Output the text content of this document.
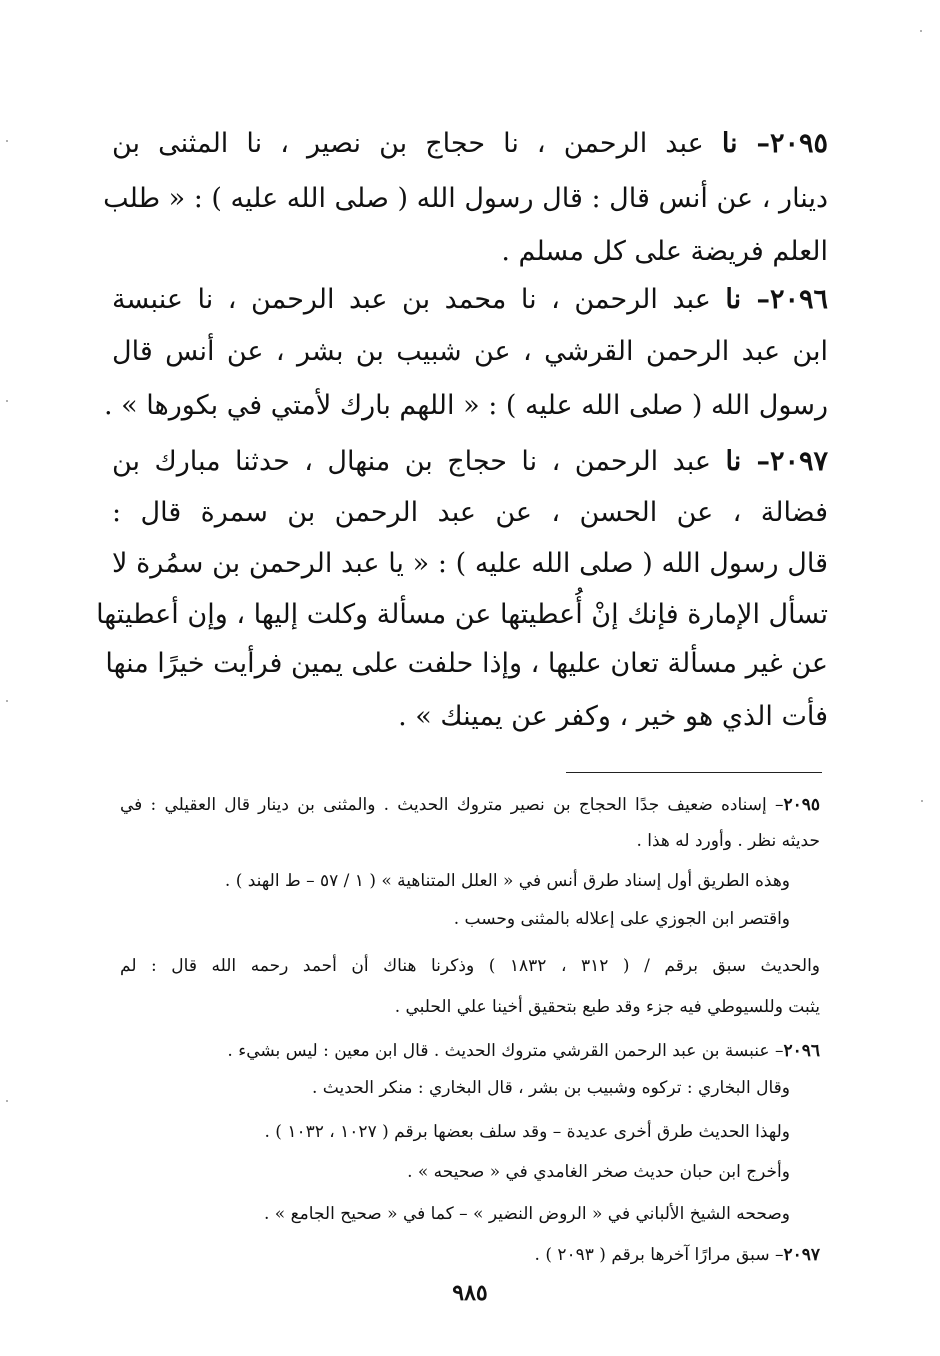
٢٠٩٥– نا عبد الرحمن ، نا حجاج بن نصير ، نا المثنى بن
دينار ، عن أنس قال : قال رسول الله ( صلى الله عليه ) : « طلب
العلم فريضة على كل مسلم .
٢٠٩٦– نا عبد الرحمن ، نا محمد بن عبد الرحمن ، نا عنبسة
ابن عبد الرحمن القرشي ، عن شبيب بن بشر ، عن أنس قال
رسول الله ( صلى الله عليه ) : « اللهم بارك لأمتي في بكورها » .
٢٠٩٧– نا عبد الرحمن ، نا حجاج بن منهال ، حدثنا مبارك بن
فضالة ، عن الحسن ، عن عبد الرحمن بن سمرة قال :
قال رسول الله ( صلى الله عليه ) : « يا عبد الرحمن بن سمُرة لا
تسأل الإمارة فإنك إنْ أُعطيتها عن مسألة وكلت إليها ، وإن أعطيتها
عن غير مسألة تعان عليها ، وإذا حلفت على يمين فرأيت خيرًا منها
فأت الذي هو خير ، وكفر عن يمينك » .
٢٠٩٥– إسناده ضعيف جدًا الحجاج بن نصير متروك الحديث . والمثنى بن دينار قال العقيلي : في
حديثه نظر . وأورد له هذا .
وهذه الطريق أول إسناد طرق أنس في « العلل المتناهية » ( ١ / ٥٧ – ط الهند ) .
واقتصر ابن الجوزي على إعلاله بالمثنى وحسب .
والحديث سبق برقم / ( ٣١٢ ، ١٨٣٢ ) وذكرنا هناك أن أحمد رحمه الله قال : لم
يثبت وللسيوطي فيه جزء وقد طبع بتحقيق أخينا علي الحلبي .
٢٠٩٦– عنبسة بن عبد الرحمن القرشي متروك الحديث . قال ابن معين : ليس بشيء .
وقال البخاري : تركوه وشبيب بن بشر ، قال البخاري : منكر الحديث .
ولهذا الحديث طرق أخرى عديدة – وقد سلف بعضها برقم ( ١٠٢٧ ، ١٠٣٢ ) .
وأخرج ابن حبان حديث صخر الغامدي في « صحيحه » .
وصححه الشيخ الألباني في « الروض النضير » – كما في « صحيح الجامع » .
٢٠٩٧– سبق مرارًا آخرها برقم ( ٢٠٩٣ ) .
٩٨٥
